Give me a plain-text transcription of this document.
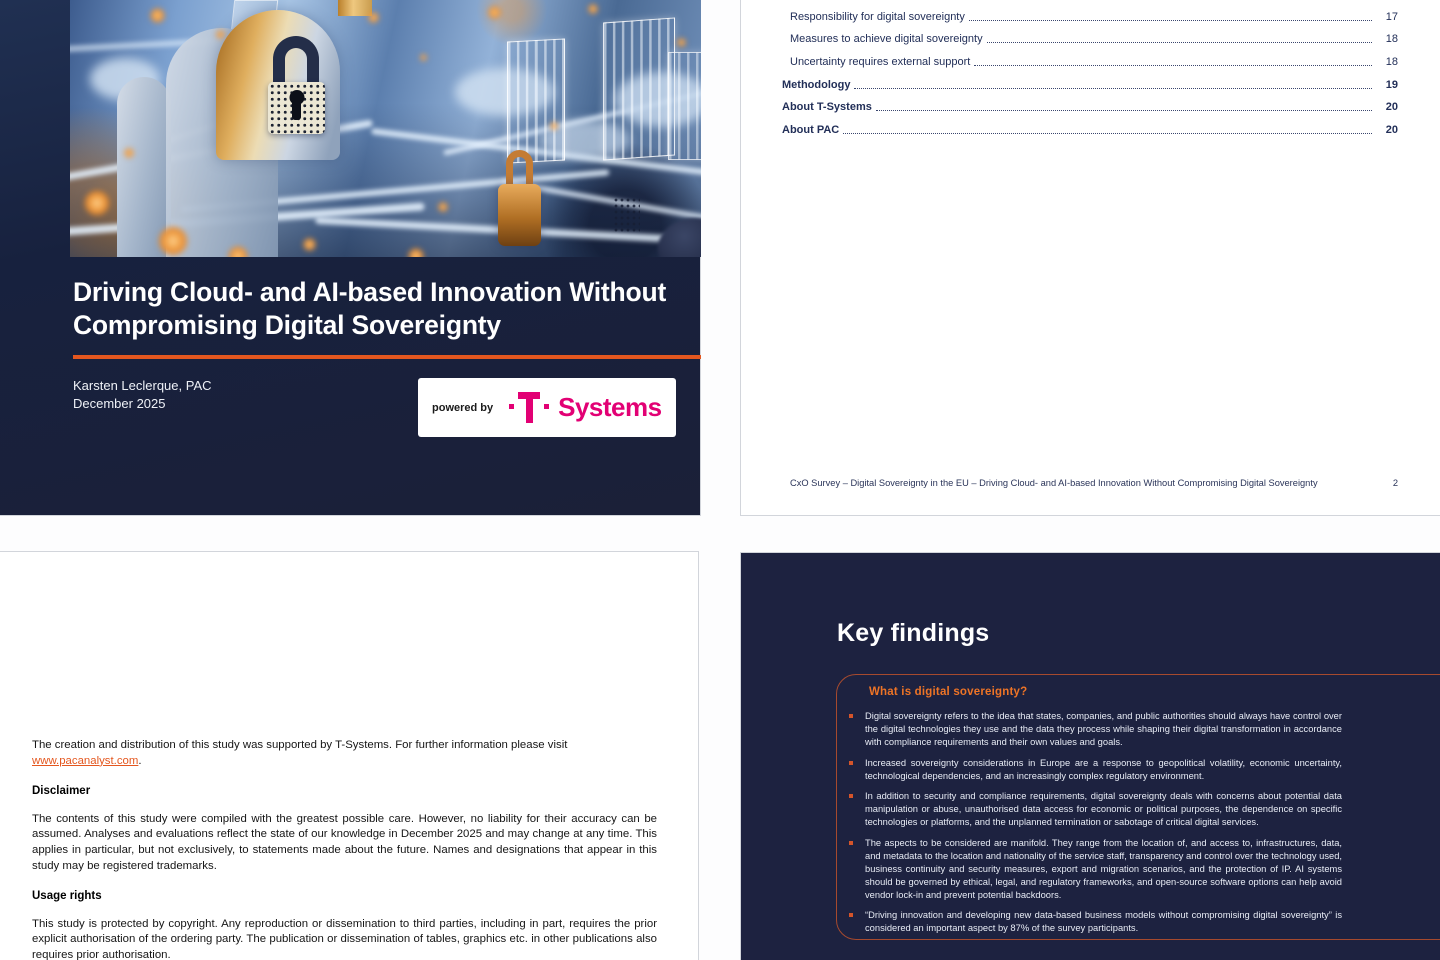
Driving Cloud- and AI-based Innovation Without Compromising Digital Sovereignty
Karsten Leclerque, PAC
December 2025	powered by	Systems
Responsibility for digital sovereignty	17
Measures to achieve digital sovereignty	18
Uncertainty requires external support	18
Methodology	19
About T-Systems	20
About PAC	20
CxO Survey – Digital Sovereignty in the EU – Driving Cloud- and AI-based Innovation Without Compromising Digital Sovereignty	2

The creation and distribution of this study was supported by T-Systems. For further information please visit
www.pacanalyst.com.

Disclaimer

The contents of this study were compiled with the greatest possible care. However, no liability for their accuracy can be assumed. Analyses and evaluations reflect the state of our knowledge in December 2025 and may change at any time. This applies in particular, but not exclusively, to statements made about the future. Names and designations that appear in this study may be registered trademarks.

Usage rights

This study is protected by copyright. Any reproduction or dissemination to third parties, including in part, requires the prior explicit authorisation of the ordering party. The publication or dissemination of tables, graphics etc. in other publications also requires prior authorisation.

Key findings
What is digital sovereignty?
Digital sovereignty refers to the idea that states, companies, and public authorities should always have control over the digital technologies they use and the data they process while shaping their digital transformation in accordance with compliance requirements and their own values and goals.
Increased sovereignty considerations in Europe are a response to geopolitical volatility, economic uncertainty, technological dependencies, and an increasingly complex regulatory environment.
In addition to security and compliance requirements, digital sovereignty deals with concerns about potential data manipulation or abuse, unauthorised data access for economic or political purposes, the dependence on specific technologies or platforms, and the unplanned termination or sabotage of critical digital services.
The aspects to be considered are manifold. They range from the location of, and access to, infrastructures, data, and metadata to the location and nationality of the service staff, transparency and control over the technology used, business continuity and security measures, export and migration scenarios, and the protection of IP. AI systems should be governed by ethical, legal, and regulatory frameworks, and open-source software options can help avoid vendor lock-in and prevent potential backdoors.
“Driving innovation and developing new data-based business models without compromising digital sovereignty” is considered an important aspect by 87% of the survey participants.
